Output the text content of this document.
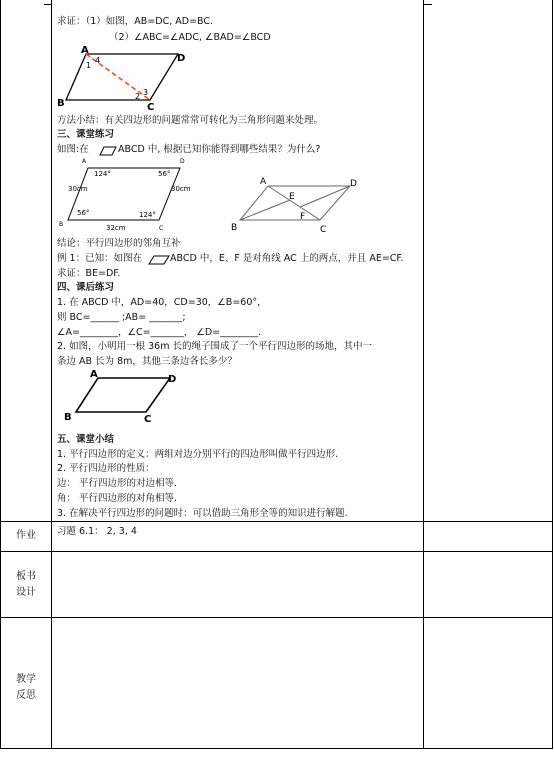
求证：（1）如图，AB=DC, AD=BC.
（2）∠ABC=∠ADC, ∠BAD=∠BCD
A
D
B	C
4
1
2 3
方法小结：有关四边形的问题常常可转化为三角形问题来处理。
三、课堂练习
如图:在	ABCD 中, 根据已知你能得到哪些结果？为什么?
A	D
B
C
124°	56°
56°	124°
30cm	30cm
32cm
A	D
B	C
E
F
结论：平行四边形的邻角互补
例 1：已知：如图在	ABCD 中，E、F 是对角线 AC 上的两点，并且 AE=CF.
求证：BE=DF.
四、课后练习
1. 在 ABCD 中，AD=40，CD=30，∠B=60°，
则 BC=______ ;AB= _______;
∠A=________，∠C=_______， ∠D=________.
2. 如图，小明用一根 36m 长的绳子围成了一个平行四边形的场地，其中一
条边 AB 长为 8m，其他三条边各长多少？
A	D
B	C
五、课堂小结
1. 平行四边形的定义：两组对边分别平行的四边形叫做平行四边形.
2. 平行四边形的性质：
边： 平行四边形的对边相等.
角： 平行四边形的对角相等.
3. 在解决平行四边形的问题时：可以借助三角形全等的知识进行解题.
作业	习题 6.1： 2, 3, 4
板书
设计
教学
反思
